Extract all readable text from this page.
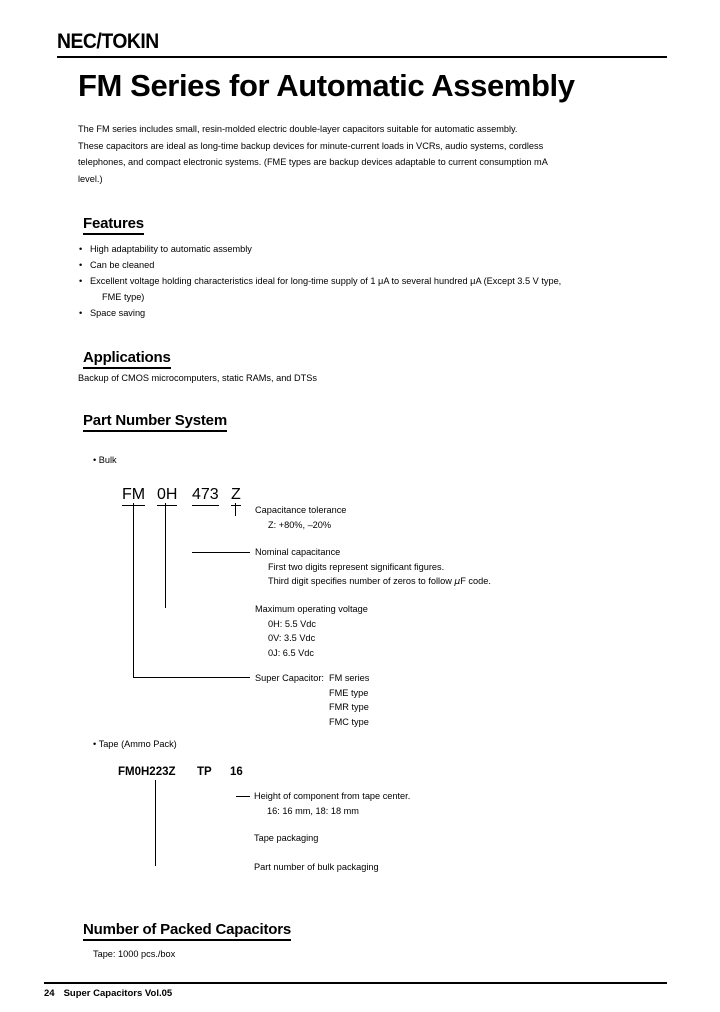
NEC/TOKIN
FM Series for Automatic Assembly
The FM series includes small, resin-molded electric double-layer capacitors suitable for automatic assembly.
These capacitors are ideal as long-time backup devices for minute-current loads in VCRs, audio systems, cordless
telephones, and compact electronic systems. (FME types are backup devices adaptable to current consumption mA
level.)
Features
• High adaptability to automatic assembly
• Can be cleaned
• Excellent voltage holding characteristics ideal for long-time supply of 1 μA to several hundred μA (Except 3.5 V type,
FME type)
• Space saving
Applications
Backup of CMOS microcomputers, static RAMs, and DTSs
Part Number System
• Bulk
FM 0H 473 Z
Capacitance tolerance
Z: +80%, –20%
Nominal capacitance
First two digits represent significant figures.
Third digit specifies number of zeros to follow μF code.
Maximum operating voltage
0H: 5.5 Vdc
0V: 3.5 Vdc
0J: 6.5 Vdc
Super Capacitor: FM series
FME type
FMR type
FMC type
• Tape (Ammo Pack)
FM0H223Z TP 16
Height of component from tape center.
16: 16 mm, 18: 18 mm
Tape packaging
Part number of bulk packaging
Number of Packed Capacitors
Tape: 1000 pcs./box
24 Super Capacitors Vol.05
